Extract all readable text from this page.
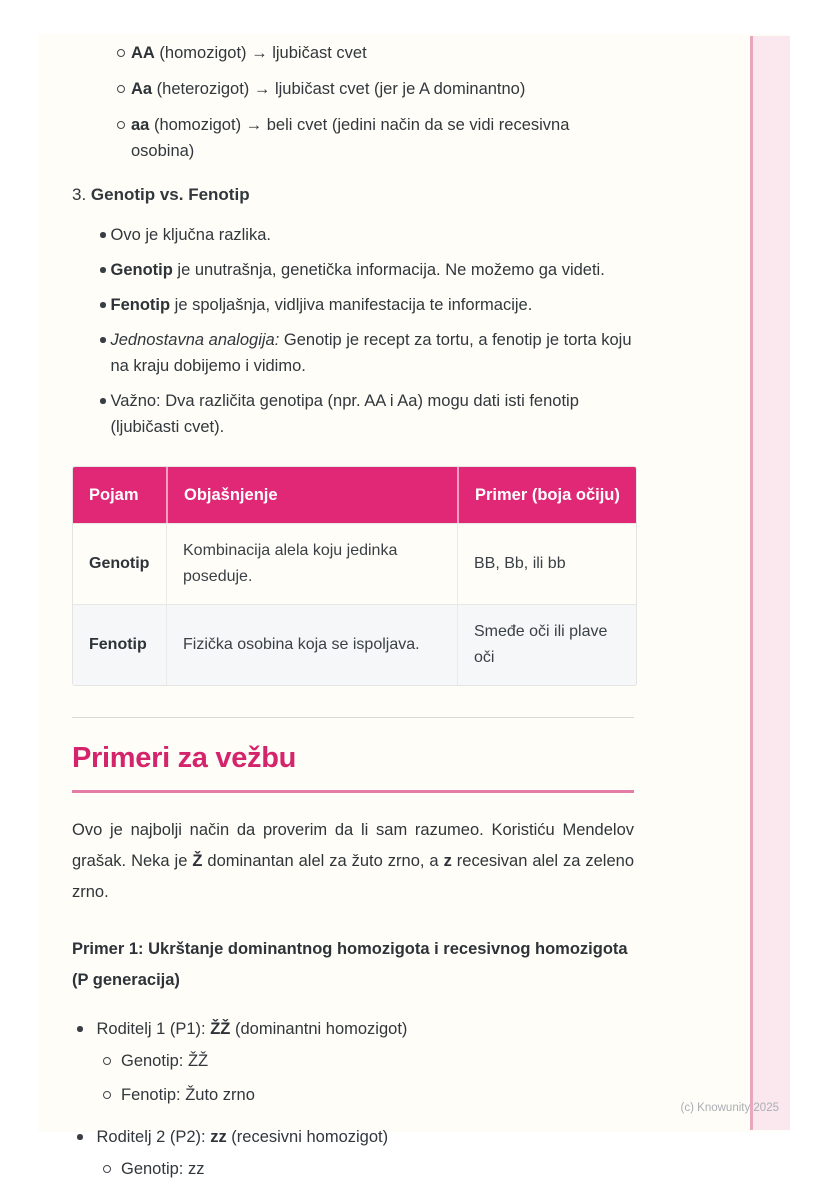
AA (homozigot) → ljubičast cvet
Aa (heterozigot) → ljubičast cvet (jer je A dominantno)
aa (homozigot) → beli cvet (jedini način da se vidi recesivna osobina)
3. Genotip vs. Fenotip
Ovo je ključna razlika.
Genotip je unutrašnja, genetička informacija. Ne možemo ga videti.
Fenotip je spoljašnja, vidljiva manifestacija te informacije.
Jednostavna analogija: Genotip je recept za tortu, a fenotip je torta koju na kraju dobijemo i vidimo.
Važno: Dva različita genotipa (npr. AA i Aa) mogu dati isti fenotip (ljubičasti cvet).
Pojam	Objašnjenje	Primer (boja očiju)
Genotip	Kombinacija alela koju jedinka poseduje.	BB, Bb, ili bb
Fenotip	Fizička osobina koja se ispoljava.	Smeđe oči ili plave oči
Primeri za vežbu

Ovo je najbolji način da proverim da li sam razumeo. Koristiću Mendelov grašak. Neka je Ž dominantan alel za žuto zrno, a z recesivan alel za zeleno zrno.

Primer 1: Ukrštanje dominantnog homozigota i recesivnog homozigota (P generacija)
Roditelj 1 (P1): ŽŽ (dominantni homozigot)
Genotip: ŽŽ
Fenotip: Žuto zrno
Roditelj 2 (P2): zz (recesivni homozigot)
Genotip: zz
(c) Knowunity 2025
